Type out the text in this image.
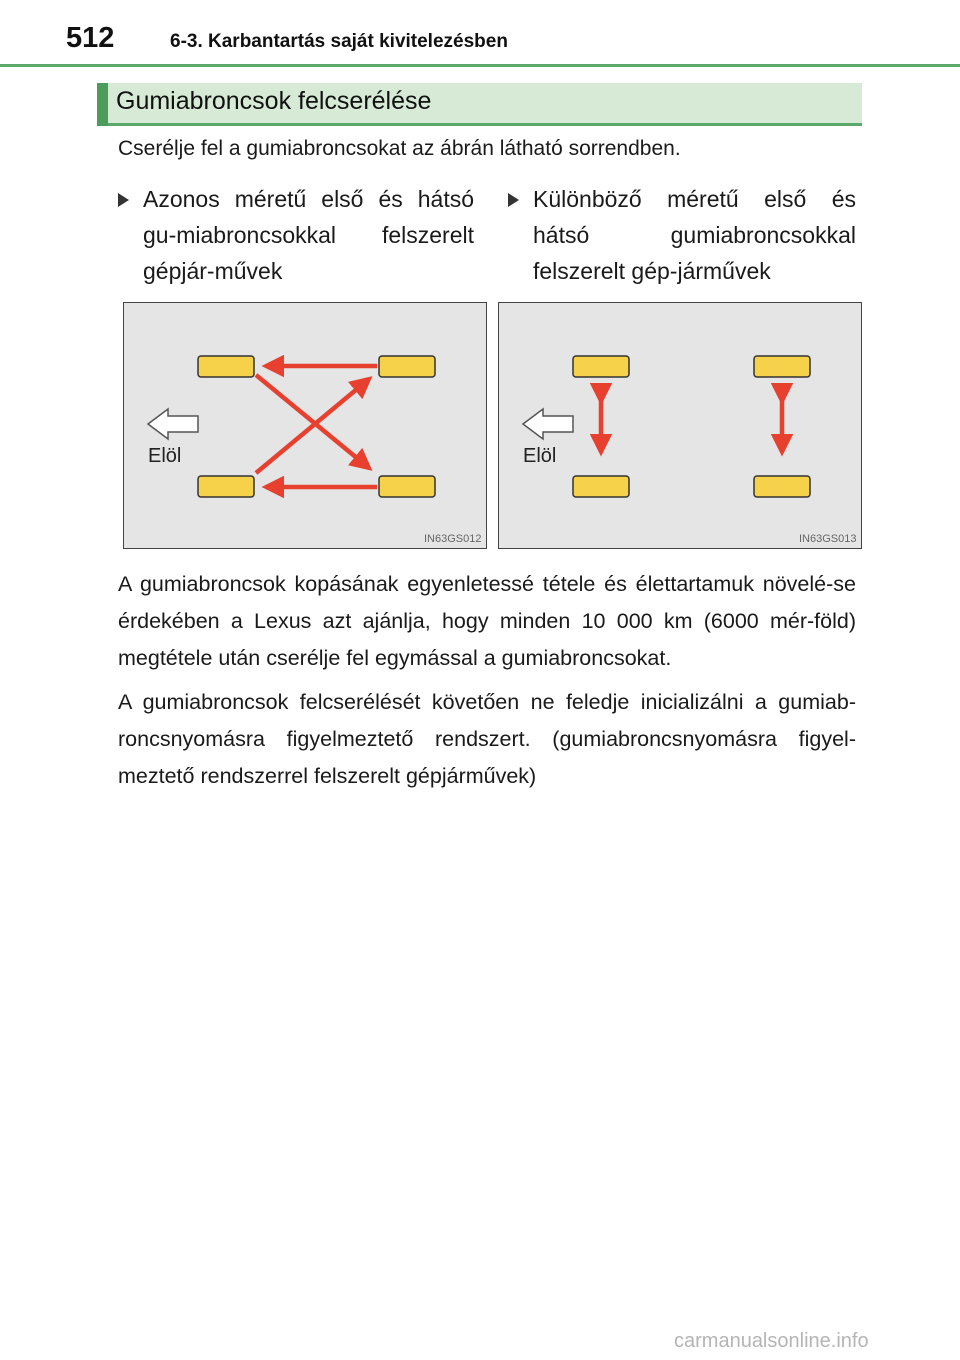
512	6-3. Karbantartás saját kivitelezésben
Gumiabroncsok felcserélése
Cserélje fel a gumiabroncsokat az ábrán látható sorrendben.
Azonos méretű első és hátsó gu-miabroncsokkal felszerelt gépjár-művek
Különböző méretű első és hátsó gumiabroncsokkal felszerelt gép-járművek
Elöl
IN63GS012
Elöl
IN63GS013
A gumiabroncsok kopásának egyenletessé tétele és élettartamuk növelé-se érdekében a Lexus azt ajánlja, hogy minden 10 000 km (6000 mér-föld) megtétele után cserélje fel egymással a gumiabroncsokat.
A gumiabroncsok felcserélését követően ne feledje inicializálni a gumiab-roncsnyomásra figyelmeztető rendszert. (gumiabroncsnyomásra figyel-meztető rendszerrel felszerelt gépjárművek)
carmanualsonline.info
